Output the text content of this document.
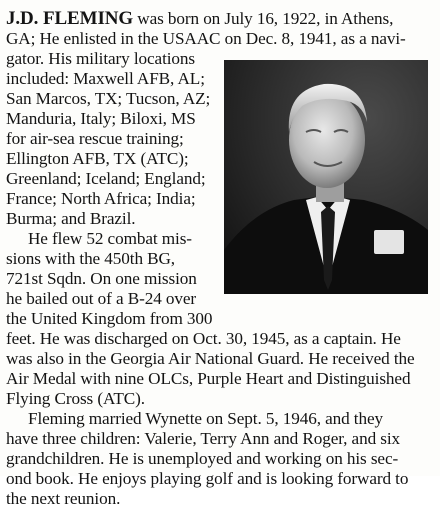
J.D. FLEMING was born on July 16, 1922, in Athens,
GA; He enlisted in the USAAC on Dec. 8, 1941, as a navi-
gator. His military locations
included: Maxwell AFB, AL;
San Marcos, TX; Tucson, AZ;
Manduria, Italy; Biloxi, MS
for air-sea rescue training;
Ellington AFB, TX (ATC);
Greenland; Iceland; England;
France; North Africa; India;
Burma; and Brazil.
He flew 52 combat mis-
sions with the 450th BG,
721st Sqdn. On one mission
he bailed out of a B-24 over
the United Kingdom from 300
feet. He was discharged on Oct. 30, 1945, as a captain. He
was also in the Georgia Air National Guard. He received the
Air Medal with nine OLCs, Purple Heart and Distinguished
Flying Cross (ATC).
Fleming married Wynette on Sept. 5, 1946, and they
have three children: Valerie, Terry Ann and Roger, and six
grandchildren. He is unemployed and working on his sec-
ond book. He enjoys playing golf and is looking forward to
the next reunion.
